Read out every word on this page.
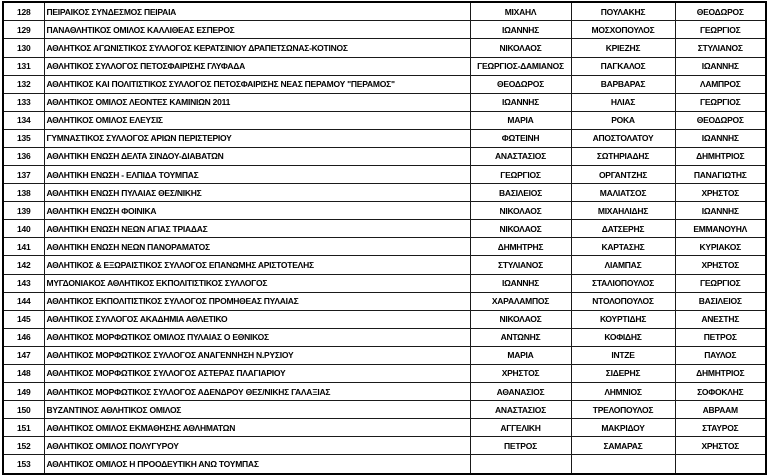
128	ΠΕΙΡΑΙΚΟΣ ΣΥΝΔΕΣΜΟΣ ΠΕΙΡΑΙΑ	ΜΙΧΑΗΛ	ΠΟΥΛΑΚΗΣ	ΘΕΟΔΩΡΟΣ
129	ΠΑΝΑΘΛΗΤΙΚΟΣ ΟΜΙΛΟΣ ΚΑΛΛΙΘΕΑΣ ΕΣΠΕΡΟΣ	ΙΩΑΝΝΗΣ	ΜΟΣΧΟΠΟΥΛΟΣ	ΓΕΩΡΓΙΟΣ
130	ΑΘΛΗΤΚΟΣ ΑΓΩΝΙΣΤΙΚΟΣ ΣΥΛΛΟΓΟΣ ΚΕΡΑΤΣΙΝΙΟΥ ΔΡΑΠΕΤΣΩΝΑΣ-ΚΟΤΙΝΟΣ	ΝΙΚΟΛΑΟΣ	ΚΡΙΕΖΗΣ	ΣΤΥΛΙΑΝΟΣ
131	ΑΘΛΗΤΙΚΟΣ ΣΥΛΛΟΓΟΣ ΠΕΤΟΣΦΑΙΡΙΣΗΣ ΓΛΥΦΑΔΑ	ΓΕΩΡΓΙΟΣ-ΔΑΜΙΑΝΟΣ	ΠΑΓΚΑΛΟΣ	ΙΩΑΝΝΗΣ
132	ΑΘΛΗΤΙΚΟΣ ΚΑΙ ΠΟΛΙΤΙΣΤΙΚΟΣ ΣΥΛΛΟΓΟΣ ΠΕΤΟΣΦΑΙΡΙΣΗΣ ΝΕΑΣ ΠΕΡΑΜΟΥ "ΠΕΡΑΜΟΣ"	ΘΕΟΔΩΡΟΣ	ΒΑΡΒΑΡΑΣ	ΛΑΜΠΡΟΣ
133	ΑΘΛΗΤΙΚΟΣ ΟΜΙΛΟΣ ΛΕΟΝΤΕΣ ΚΑΜΙΝΙΩΝ 2011	ΙΩΑΝΝΗΣ	ΗΛΙΑΣ	ΓΕΩΡΓΙΟΣ
134	ΑΘΛΗΤΙΚΟΣ ΟΜΙΛΟΣ ΕΛΕΥΣΙΣ	ΜΑΡΙΑ	ΡΟΚΑ	ΘΕΟΔΩΡΟΣ
135	ΓΥΜΝΑΣΤΙΚΟΣ ΣΥΛΛΟΓΟΣ ΑΡΙΩΝ ΠΕΡΙΣΤΕΡΙΟΥ	ΦΩΤΕΙΝΗ	ΑΠΟΣΤΟΛΑΤΟΥ	ΙΩΑΝΝΗΣ
136	ΑΘΛΗΤΙΚΗ ΕΝΩΣΗ ΔΕΛΤΑ ΣΙΝΔΟΥ-ΔΙΑΒΑΤΩΝ	ΑΝΑΣΤΑΣΙΟΣ	ΣΩΤΗΡΙΑΔΗΣ	ΔΗΜΗΤΡΙΟΣ
137	ΑΘΛΗΤΙΚΗ ΕΝΩΣΗ - ΕΛΠΙΔΑ ΤΟΥΜΠΑΣ	ΓΕΩΡΓΙΟΣ	ΟΡΓΑΝΤΖΗΣ	ΠΑΝΑΓΙΩΤΗΣ
138	ΑΘΛΗΤΙΚΗ ΕΝΩΣΗ ΠΥΛΑΙΑΣ ΘΕΣ/ΝΙΚΗΣ	ΒΑΣΙΛΕΙΟΣ	ΜΑΛΙΑΤΣΟΣ	ΧΡΗΣΤΟΣ
139	ΑΘΛΗΤΙΚΗ ΕΝΩΣΗ ΦΟΙΝΙΚΑ	ΝΙΚΟΛΑΟΣ	ΜΙΧΑΗΛΙΔΗΣ	ΙΩΑΝΝΗΣ
140	ΑΘΛΗΤΙΚΗ ΕΝΩΣΗ ΝΕΩΝ ΑΓΙΑΣ ΤΡΙΑΔΑΣ	ΝΙΚΟΛΑΟΣ	ΔΑΤΣΕΡΗΣ	ΕΜΜΑΝΟΥΗΛ
141	ΑΘΛΗΤΙΚΗ ΕΝΩΣΗ ΝΕΩΝ ΠΑΝΟΡΑΜΑΤΟΣ	ΔΗΜΗΤΡΗΣ	ΚΑΡΤΑΣΗΣ	ΚΥΡΙΑΚΟΣ
142	ΑΘΛΗΤΙΚΟΣ & ΕΞΩΡΑΙΣΤΙΚΟΣ ΣΥΛΛΟΓΟΣ ΕΠΑΝΩΜΗΣ ΑΡΙΣΤΟΤΕΛΗΣ	ΣΤΥΛΙΑΝΟΣ	ΛΙΑΜΠΑΣ	ΧΡΗΣΤΟΣ
143	ΜΥΓΔΟΝΙΑΚΟΣ ΑΘΛΗΤΙΚΟΣ ΕΚΠΟΛΙΤΙΣΤΙΚΟΣ ΣΥΛΛΟΓΟΣ	ΙΩΑΝΝΗΣ	ΣΤΑΛΙΟΠΟΥΛΟΣ	ΓΕΩΡΓΙΟΣ
144	ΑΘΛΗΤΙΚΟΣ ΕΚΠΟΛΙΤΙΣΤΙΚΟΣ ΣΥΛΛΟΓΟΣ ΠΡΟΜΗΘΕΑΣ ΠΥΛΑΙΑΣ	ΧΑΡΑΛΑΜΠΟΣ	ΝΤΟΛΟΠΟΥΛΟΣ	ΒΑΣΙΛΕΙΟΣ
145	ΑΘΛΗΤΙΚΟΣ ΣΥΛΛΟΓΟΣ ΑΚΑΔΗΜΙΑ ΑΘΛΕΤΙΚΟ	ΝΙΚΟΛΑΟΣ	ΚΟΥΡΤΙΔΗΣ	ΑΝΕΣΤΗΣ
146	ΑΘΛΗΤΙΚΟΣ ΜΟΡΦΩΤΙΚΟΣ ΟΜΙΛΟΣ ΠΥΛΑΙΑΣ Ο ΕΘΝΙΚΟΣ	ΑΝΤΩΝΗΣ	ΚΟΦΙΔΗΣ	ΠΕΤΡΟΣ
147	ΑΘΛΗΤΙΚΟΣ ΜΟΡΦΩΤΙΚΟΣ ΣΥΛΛΟΓΟΣ ΑΝΑΓΕΝΝΗΣΗ Ν.ΡΥΣΙΟΥ	ΜΑΡΙΑ	ΙΝΤΖΕ	ΠΑΥΛΟΣ
148	ΑΘΛΗΤΙΚΟΣ ΜΟΡΦΩΤΙΚΟΣ ΣΥΛΛΟΓΟΣ ΑΣΤΕΡΑΣ ΠΛΑΓΙΑΡΙΟΥ	ΧΡΗΣΤΟΣ	ΣΙΔΕΡΗΣ	ΔΗΜΗΤΡΙΟΣ
149	ΑΘΛΗΤΙΚΟΣ ΜΟΡΦΩΤΙΚΟΣ ΣΥΛΛΟΓΟΣ ΑΔΕΝΔΡΟΥ ΘΕΣ/ΝΙΚΗΣ ΓΑΛΑΞΙΑΣ	ΑΘΑΝΑΣΙΟΣ	ΛΗΜΝΙΟΣ	ΣΟΦΟΚΛΗΣ
150	ΒΥΖΑΝΤΙΝΟΣ ΑΘΛΗΤΙΚΟΣ ΟΜΙΛΟΣ	ΑΝΑΣΤΑΣΙΟΣ	ΤΡΕΛΟΠΟΥΛΟΣ	ΑΒΡΑΑΜ
151	ΑΘΛΗΤΙΚΟΣ ΟΜΙΛΟΣ ΕΚΜΑΘΗΣΗΣ ΑΘΛΗΜΑΤΩΝ	ΑΓΓΕΛΙΚΗ	ΜΑΚΡΙΔΟΥ	ΣΤΑΥΡΟΣ
152	ΑΘΛΗΤΙΚΟΣ ΟΜΙΛΟΣ ΠΟΛΥΓΥΡΟΥ	ΠΕΤΡΟΣ	ΣΑΜΑΡΑΣ	ΧΡΗΣΤΟΣ
153	ΑΘΛΗΤΙΚΟΣ ΟΜΙΛΟΣ Η ΠΡΟΟΔΕΥΤΙΚΗ ΑΝΩ ΤΟΥΜΠΑΣ			
